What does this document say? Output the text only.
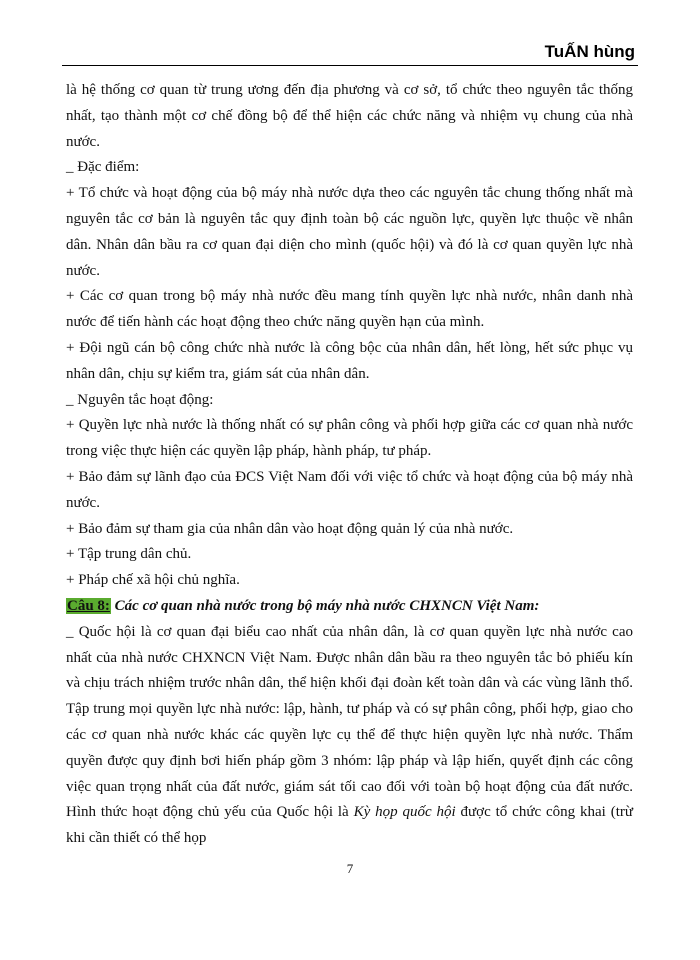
TuẤN hùng

là hệ thống cơ quan từ trung ương đến địa phương và cơ sở, tổ chức theo nguyên tắc thống nhất, tạo thành một cơ chế đồng bộ để thể hiện các chức năng và nhiệm vụ chung của nhà nước.

_ Đặc điểm:

+ Tổ chức và hoạt động của bộ máy nhà nước dựa theo các nguyên tắc chung thống nhất mà nguyên tắc cơ bản là nguyên tắc quy định toàn bộ các nguồn lực, quyền lực thuộc về nhân dân. Nhân dân bầu ra cơ quan đại diện cho mình (quốc hội) và đó là cơ quan quyền lực nhà nước.

+ Các cơ quan trong bộ máy nhà nước đều mang tính quyền lực nhà nước, nhân danh nhà nước để tiến hành các hoạt động theo chức năng quyền hạn của mình.

+ Đội ngũ cán bộ công chức nhà nước là công bộc của nhân dân, hết lòng, hết sức phục vụ nhân dân, chịu sự kiểm tra, giám sát của nhân dân.

_ Nguyên tắc hoạt động:

+ Quyền lực nhà nước là thống nhất có sự phân công và phối hợp giữa các cơ quan nhà nước trong việc thực hiện các quyền lập pháp, hành pháp, tư pháp.

+ Bảo đảm sự lãnh đạo của ĐCS Việt Nam đối với việc tổ chức và hoạt động của bộ máy nhà nước.

+ Bảo đảm sự tham gia của nhân dân vào hoạt động quản lý của nhà nước.

+ Tập trung dân chủ.

+ Pháp chế xã hội chủ nghĩa.

Câu 8: Các cơ quan nhà nước trong bộ máy nhà nước CHXNCN Việt Nam:

_ Quốc hội là cơ quan đại biểu cao nhất của nhân dân, là cơ quan quyền lực nhà nước cao nhất của nhà nước CHXNCN Việt Nam. Được nhân dân bầu ra theo nguyên tắc bỏ phiếu kín và chịu trách nhiệm trước nhân dân, thể hiện khối đại đoàn kết toàn dân và các vùng lãnh thổ. Tập trung mọi quyền lực nhà nước: lập, hành, tư pháp và có sự phân công, phối hợp, giao cho các cơ quan nhà nước khác các quyền lực cụ thể để thực hiện quyền lực nhà nước. Thẩm quyền được quy định bơi hiến pháp gồm 3 nhóm: lập pháp và lập hiến, quyết định các công việc quan trọng nhất của đất nước, giám sát tối cao đối với toàn bộ hoạt động của đất nước. Hình thức hoạt động chủ yếu của Quốc hội là Kỳ họp quốc hội được tổ chức công khai (trừ khi cần thiết có thể họp

7
